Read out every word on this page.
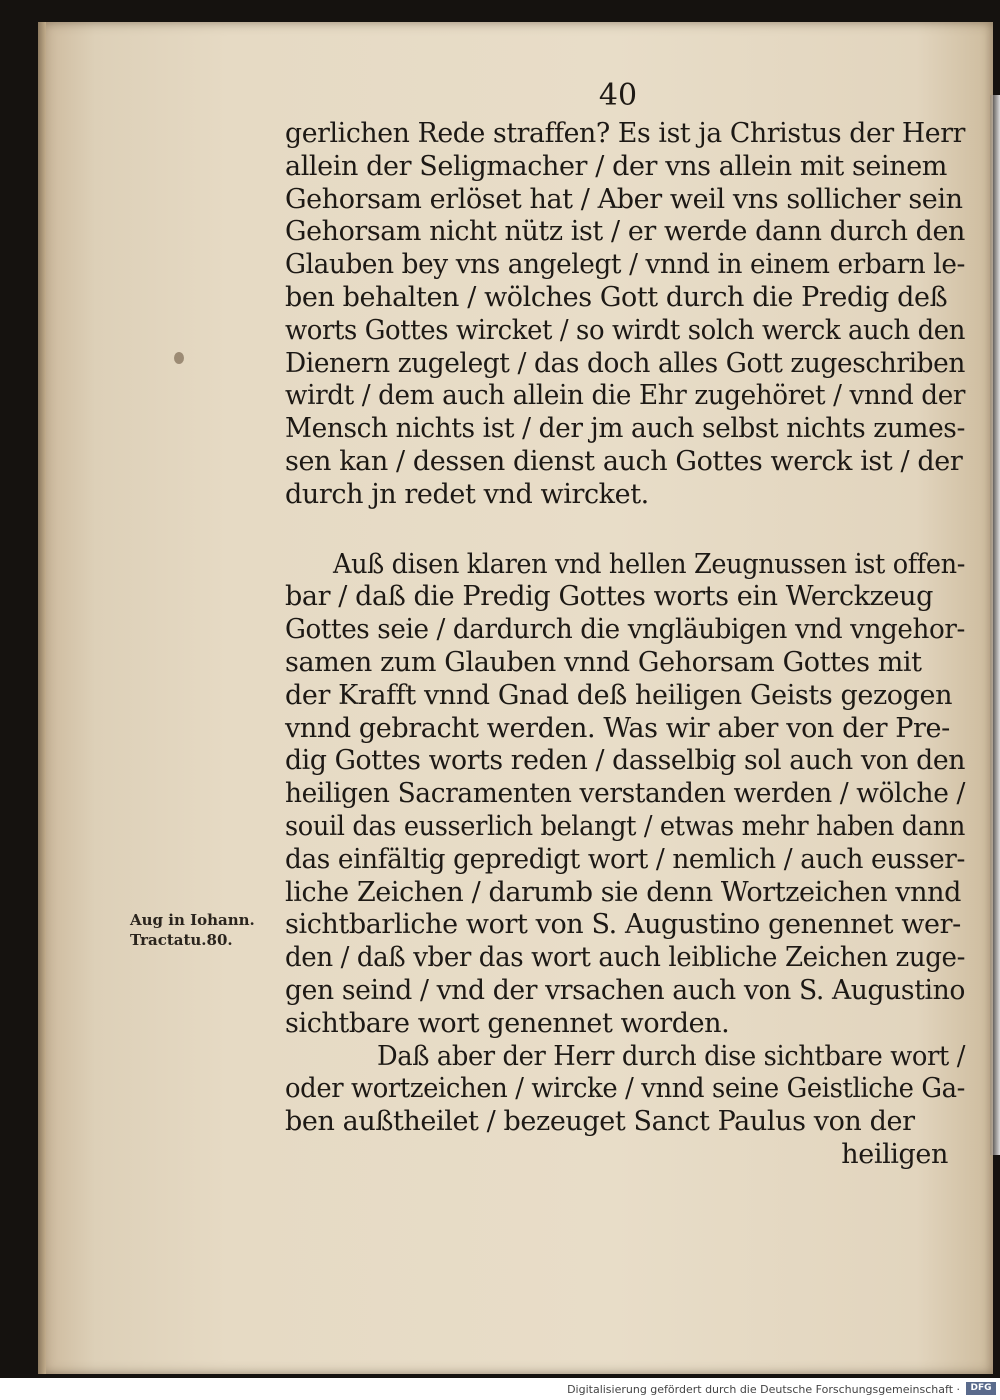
40
Aug in Iohann.
Tractatu.80.
gerlichen Rede straffen? Es ist ja Christus der Herr
allein der Seligmacher / der vns allein mit seinem
Gehorsam erlöset hat / Aber weil vns sollicher sein
Gehorsam nicht nütz ist / er werde dann durch den
Glauben bey vns angelegt / vnnd in einem erbarn le-
ben behalten / wölches Gott durch die Predig deß
worts Gottes wircket / so wirdt solch werck auch den
Dienern zugelegt / das doch alles Gott zugeschriben
wirdt / dem auch allein die Ehr zugehöret / vnnd der
Mensch nichts ist / der jm auch selbst nichts zumes-
sen kan / dessen dienst auch Gottes werck ist / der
durch jn redet vnd wircket.
Auß disen klaren vnd hellen Zeugnussen ist offen-
bar / daß die Predig Gottes worts ein Werckzeug
Gottes seie / dardurch die vngläubigen vnd vngehor-
samen zum Glauben vnnd Gehorsam Gottes mit
der Krafft vnnd Gnad deß heiligen Geists gezogen
vnnd gebracht werden. Was wir aber von der Pre-
dig Gottes worts reden / dasselbig sol auch von den
heiligen Sacramenten verstanden werden / wölche /
souil das eusserlich belangt / etwas mehr haben dann
das einfältig gepredigt wort / nemlich / auch eusser-
liche Zeichen / darumb sie denn Wortzeichen vnnd
sichtbarliche wort von S. Augustino genennet wer-
den / daß vber das wort auch leibliche Zeichen zuge-
gen seind / vnd der vrsachen auch von S. Augustino
sichtbare wort genennet worden.
Daß aber der Herr durch dise sichtbare wort /
oder wortzeichen / wircke / vnnd seine Geistliche Ga-
ben außtheilet / bezeuget Sanct Paulus von der
heiligen
Digitalisierung gefördert durch die Deutsche Forschungsgemeinschaft ·	DFG
